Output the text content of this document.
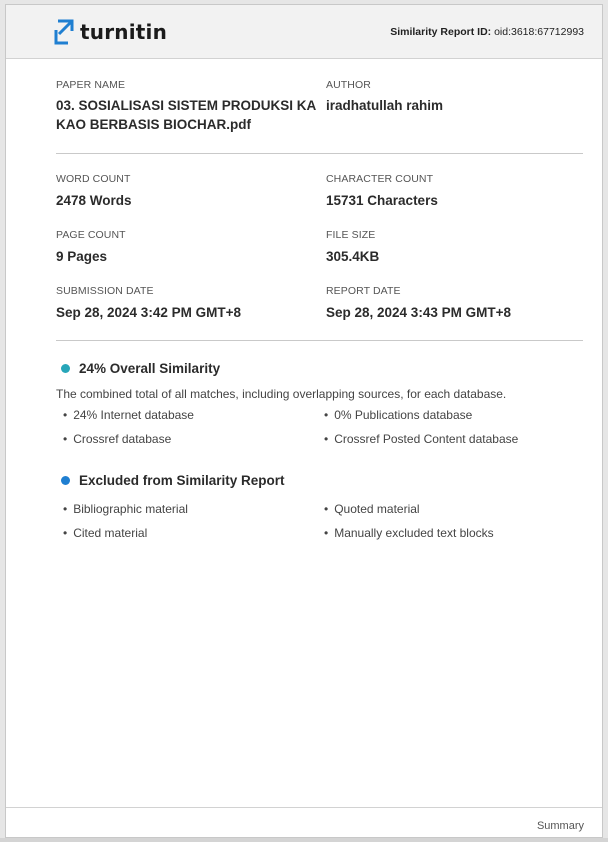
turnitin	Similarity Report ID: oid:3618:67712993
PAPER NAME
03. SOSIALISASI SISTEM PRODUKSI KA
KAO BERBASIS BIOCHAR.pdf
AUTHOR
iradhatullah rahim
WORD COUNT
2478 Words
CHARACTER COUNT
15731 Characters
PAGE COUNT
9 Pages
FILE SIZE
305.4KB
SUBMISSION DATE
Sep 28, 2024 3:42 PM GMT+8
REPORT DATE
Sep 28, 2024 3:43 PM GMT+8
24% Overall Similarity
The combined total of all matches, including overlapping sources, for each database.
• 24% Internet database
• Crossref database
• 0% Publications database
• Crossref Posted Content database
Excluded from Similarity Report
• Bibliographic material
• Cited material
• Quoted material
• Manually excluded text blocks
Summary
